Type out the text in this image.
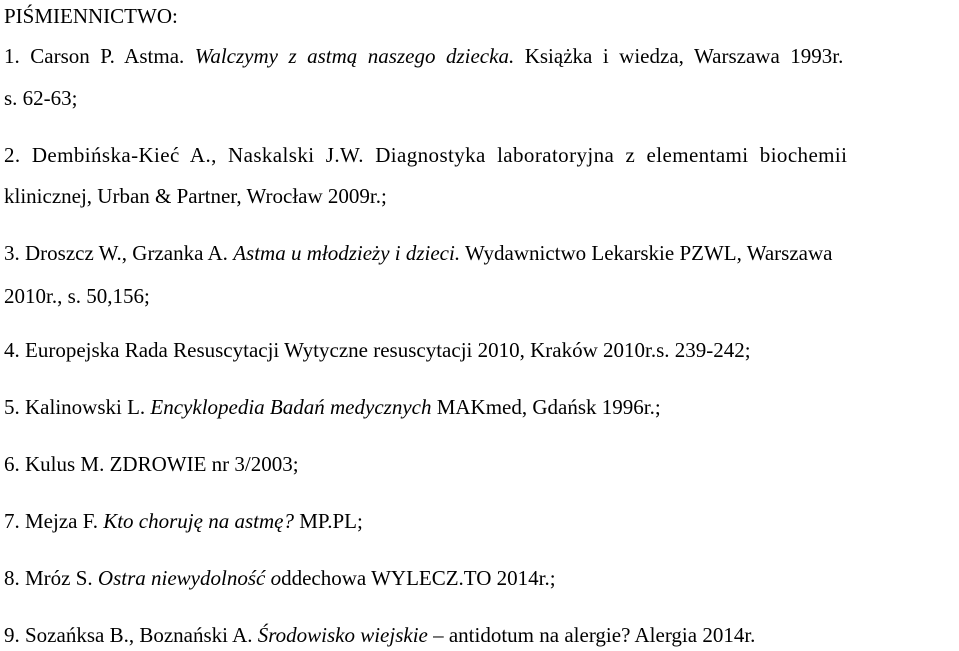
PIŚMIENNICTWO:

1.  Carson  P.  Astma.  Walczymy  z  astmą  naszego  dziecka.  Książka  i  wiedza,  Warszawa  1993r.

s. 62-63;

2.  Dembińska-Kieć  A.,  Naskalski  J.W.  Diagnostyka  laboratoryjna  z  elementami  biochemii

klinicznej, Urban & Partner, Wrocław 2009r.;

3. Droszcz W., Grzanka A. Astma u młodzieży i dzieci. Wydawnictwo Lekarskie PZWL, Warszawa

2010r., s. 50,156;

4. Europejska Rada Resuscytacji Wytyczne resuscytacji 2010, Kraków 2010r.s. 239-242;

5. Kalinowski L. Encyklopedia Badań medycznych MAKmed, Gdańsk 1996r.;

6. Kulus M. ZDROWIE nr 3/2003;

7. Mejza F. Kto choruję na astmę? MP.PL;

8. Mróz S. Ostra niewydolność oddechowa WYLECZ.TO 2014r.;

9. Sozańksa B., Boznański A. Środowisko wiejskie – antidotum na alergie? Alergia 2014r.
